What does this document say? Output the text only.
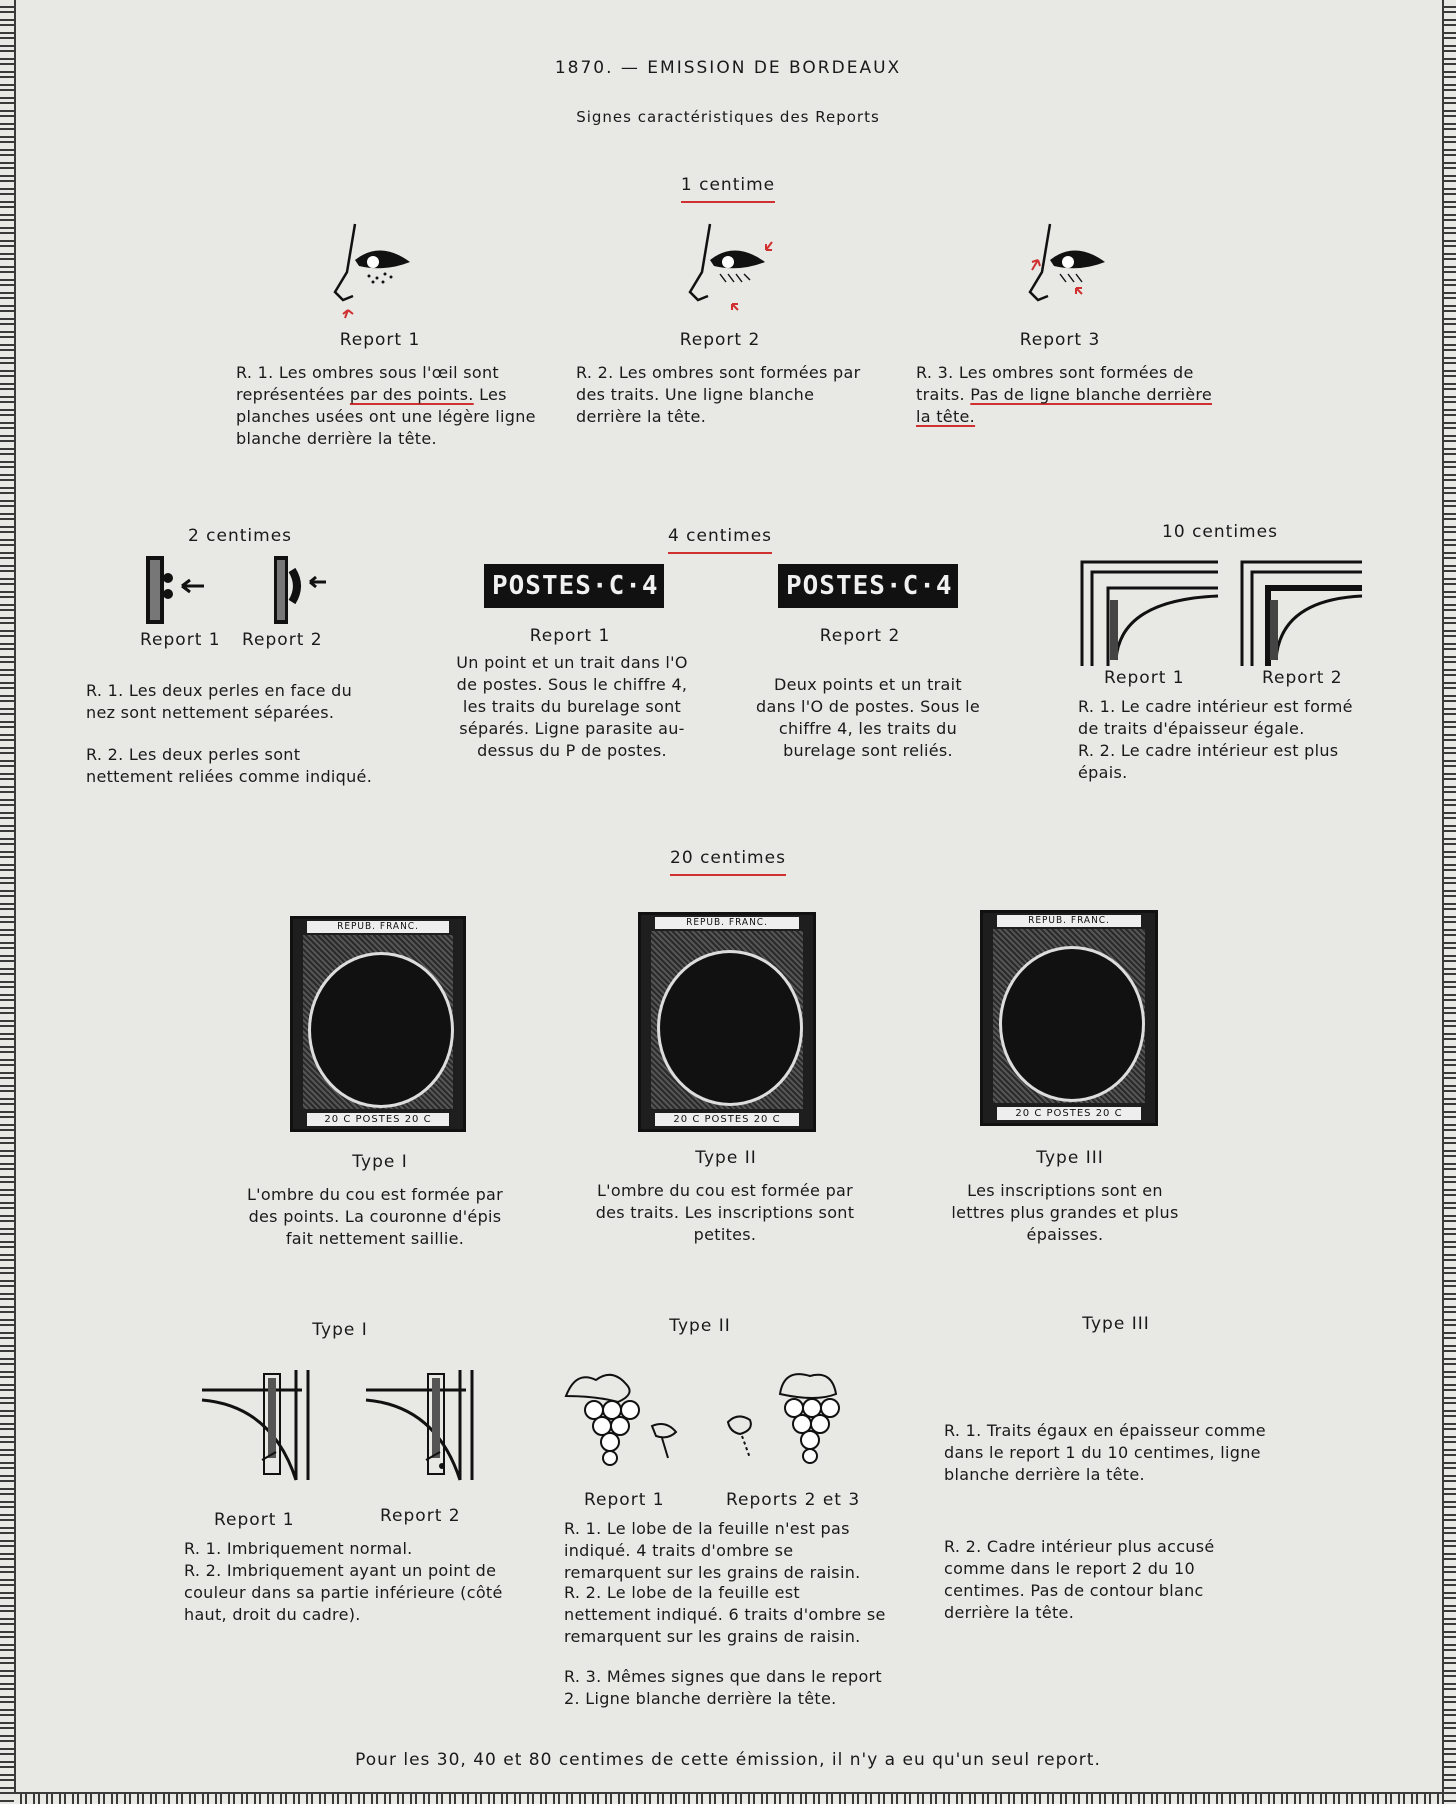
1870. — EMISSION DE BORDEAUX
Signes caractéristiques des Reports
1 centime
Report 1	Report 2	Report 3
R. 1. Les ombres sous l'œil sont représentées par des points. Les planches usées ont une légère ligne blanche derrière la tête.
R. 2. Les ombres sont formées par des traits. Une ligne blanche derrière la tête.
R. 3. Les ombres sont formées de traits. Pas de ligne blanche derrière la tête.
2 centimes
Report 1 Report 2
R. 1. Les deux perles en face du nez sont nettement séparées.
R. 2. Les deux perles sont nettement reliées comme indiqué.
4 centimes
POSTES·C·4	POSTES·C·4
Report 1	Report 2
Un point et un trait dans l'O de postes. Sous le chiffre 4, les traits du burelage sont séparés. Ligne parasite au-dessus du P de postes.
Deux points et un trait dans l'O de postes. Sous le chiffre 4, les traits du burelage sont reliés.
10 centimes
Report 1	Report 2
R. 1. Le cadre intérieur est formé de traits d'épaisseur égale.
R. 2. Le cadre intérieur est plus épais.
20 centimes
REPUB. FRANC.
20 C POSTES 20 C
REPUB. FRANC.
20 C POSTES 20 C
REPUB. FRANC.
20 C POSTES 20 C
Type I	Type II	Type III
L'ombre du cou est formée par des points. La couronne d'épis fait nettement saillie.
L'ombre du cou est formée par des traits. Les inscriptions sont petites.
Les inscriptions sont en lettres plus grandes et plus épaisses.
Type I	Type II	Type III
Report 1	Report 2
R. 1. Imbriquement normal.
R. 2. Imbriquement ayant un point de couleur dans sa partie inférieure (côté haut, droit du cadre).
Report 1	Reports 2 et 3
R. 1. Le lobe de la feuille n'est pas indiqué. 4 traits d'ombre se remarquent sur les grains de raisin.
R. 2. Le lobe de la feuille est nettement indiqué. 6 traits d'ombre se remarquent sur les grains de raisin.
R. 3. Mêmes signes que dans le report 2. Ligne blanche derrière la tête.
R. 1. Traits égaux en épaisseur comme dans le report 1 du 10 centimes, ligne blanche derrière la tête.
R. 2. Cadre intérieur plus accusé comme dans le report 2 du 10 centimes. Pas de contour blanc derrière la tête.
Pour les 30, 40 et 80 centimes de cette émission, il n'y a eu qu'un seul report.
